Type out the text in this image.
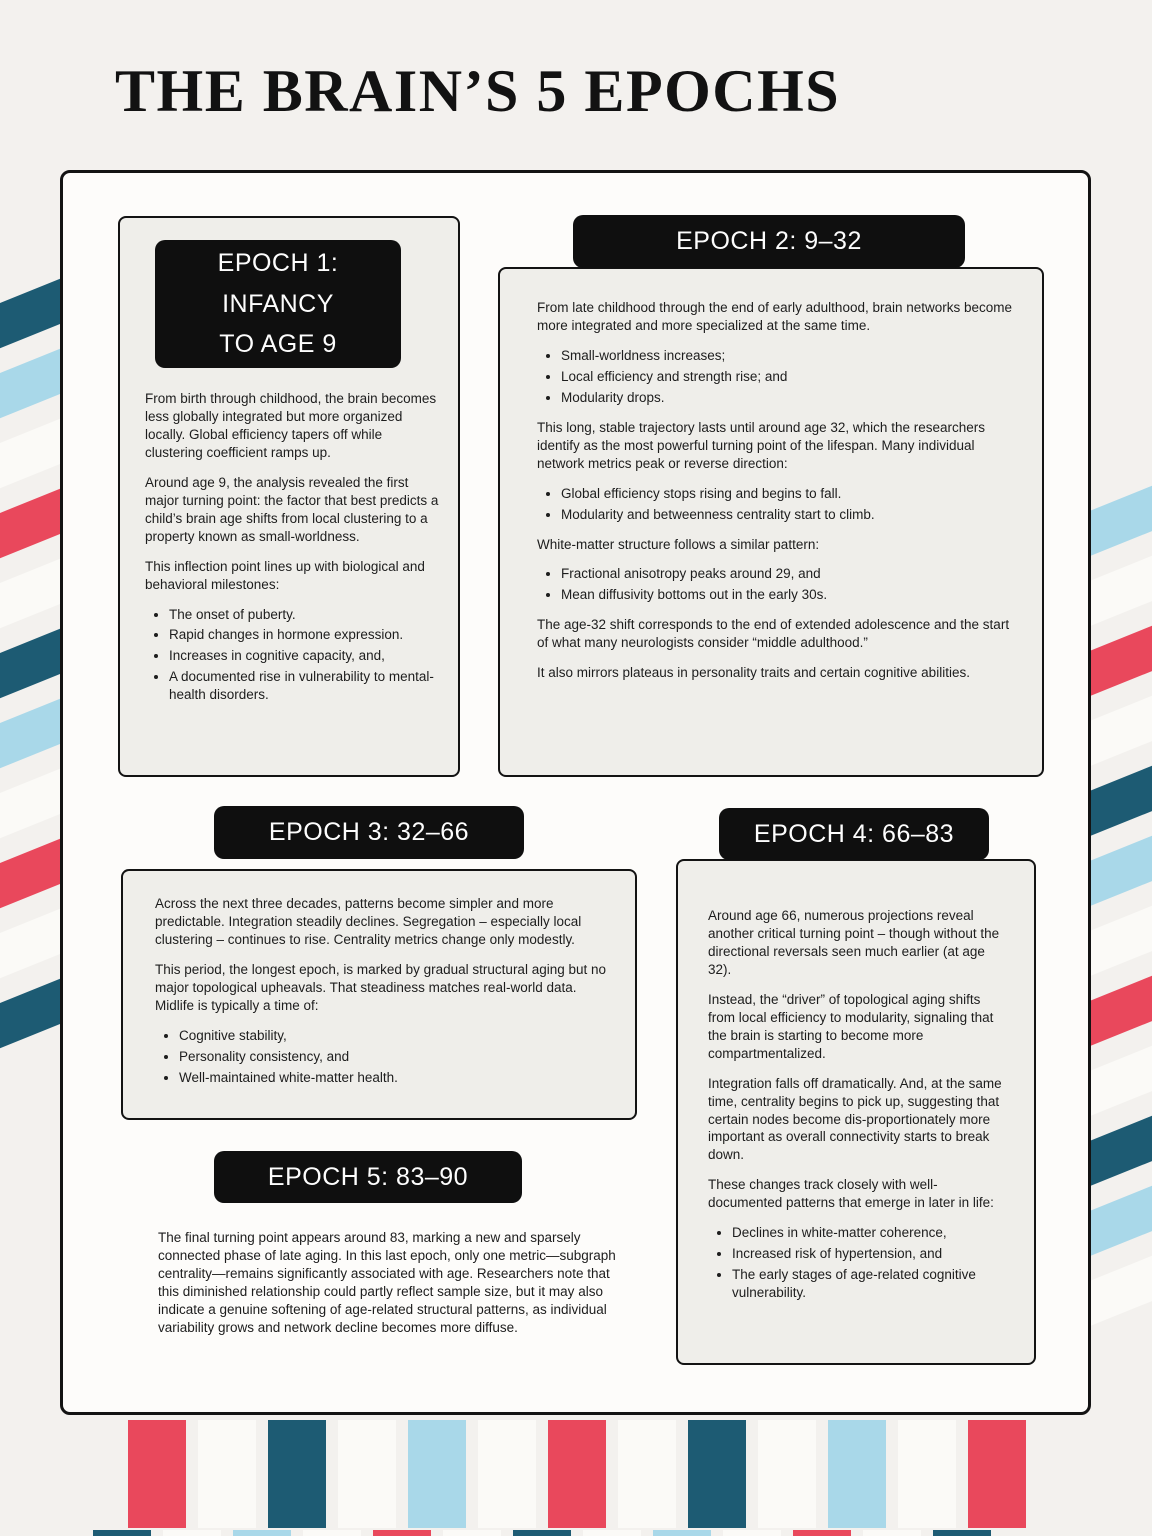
THE BRAIN’S 5 EPOCHS
EPOCH 1:
INFANCY
TO AGE 9

From birth through childhood, the brain becomes less globally integrated but more organized locally. Global efficiency tapers off while clustering coefficient ramps up.

Around age 9, the analysis revealed the first major turning point: the factor that best predicts a child’s brain age shifts from local clustering to a property known as small-worldness.

This inflection point lines up with biological and behavioral milestones:

• The onset of puberty.
• Rapid changes in hormone expression.
• Increases in cognitive capacity, and,
• A documented rise in vulnerability to mental-health disorders.
EPOCH 2: 9–32

From late childhood through the end of early adulthood, brain networks become more integrated and more specialized at the same time.

• Small-worldness increases;
• Local efficiency and strength rise; and
• Modularity drops.

This long, stable trajectory lasts until around age 32, which the researchers identify as the most powerful turning point of the lifespan. Many individual network metrics peak or reverse direction:

• Global efficiency stops rising and begins to fall.
• Modularity and betweenness centrality start to climb.

White-matter structure follows a similar pattern:

• Fractional anisotropy peaks around 29, and
• Mean diffusivity bottoms out in the early 30s.

The age-32 shift corresponds to the end of extended adolescence and the start of what many neurologists consider “middle adulthood.”

It also mirrors plateaus in personality traits and certain cognitive abilities.

EPOCH 3: 32–66

Across the next three decades, patterns become simpler and more predictable. Integration steadily declines. Segregation – especially local clustering – continues to rise. Centrality metrics change only modestly.

This period, the longest epoch, is marked by gradual structural aging but no major topological upheavals. That steadiness matches real-world data. Midlife is typically a time of:

• Cognitive stability,
• Personality consistency, and
• Well-maintained white-matter health.
EPOCH 4: 66–83

Around age 66, numerous projections reveal another critical turning point – though without the directional reversals seen much earlier (at age 32).

Instead, the “driver” of topological aging shifts from local efficiency to modularity, signaling that the brain is starting to become more compartmentalized.

Integration falls off dramatically. And, at the same time, centrality begins to pick up, suggesting that certain nodes become dis-proportionately more important as overall connectivity starts to break down.

These changes track closely with well-documented patterns that emerge in later in life:

• Declines in white-matter coherence,
• Increased risk of hypertension, and
• The early stages of age-related cognitive vulnerability.
EPOCH 5: 83–90

The final turning point appears around 83, marking a new and sparsely connected phase of late aging. In this last epoch, only one metric—subgraph centrality—remains significantly associated with age. Researchers note that this diminished relationship could partly reflect sample size, but it may also indicate a genuine softening of age-related structural patterns, as individual variability grows and network decline becomes more diffuse.
